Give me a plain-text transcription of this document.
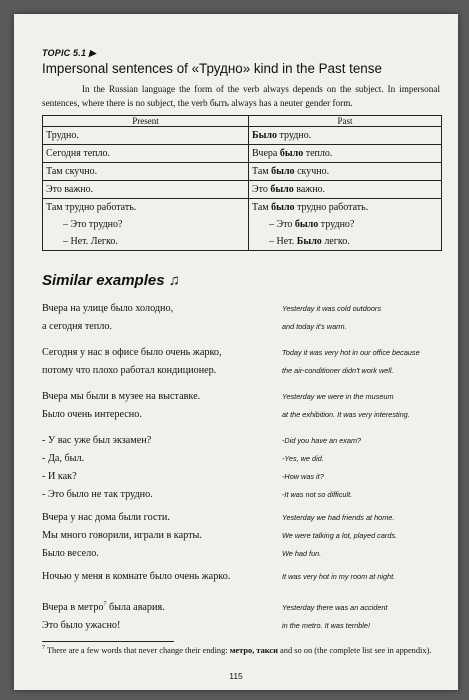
TOPIC 5.1 ▶
Impersonal sentences of «Трудно» kind in the Past tense
In the Russian language the form of the verb always depends on the subject. In impersonal sentences, where there is no subject, the verb быть always has a neuter gender form.
Present	Past
Трудно.	Было трудно.
Сегодня тепло.	Вчера было тепло.
Там скучно.	Там было скучно.
Это важно.	Это было важно.
Там трудно работать.	Там было трудно работать.
– Это трудно?	– Это было трудно?
– Нет. Легко.	– Нет. Было легко.
Similar examples ♫
Вчера на улице было холодно,
а сегодня тепло.
Yesterday it was cold outdoors
and today it's warm.
Сегодня у нас в офисе было очень жарко,
потому что плохо работал кондиционер.
Today it was very hot in our office because
the air-conditioner didn't work well.
Вчера мы были в музее на выставке.
Было очень интересно.
Yesterday we were in the museum
at the exhibition. It was very interesting.
- У вас уже был экзамен?
- Да, был.
- И как?
- Это было не так трудно.
-Did you have an exam?
-Yes, we did.
-How was it?
-It was not so difficult.
Вчера у нас дома были гости.
Мы много говорили, играли в карты.
Было весело.
Yesterday we had friends at home.
We were talking a lot, played cards.
We had fun.
Ночью у меня в комнате было очень жарко.	It was very hot in my room at night.
Вчера в метро$^7$ была авария.
Это было ужасно!
Yesterday there was an accident
in the metro. It was terrible!
$^7$ There are a few words that never change their ending: метро, такси and so on (the complete list see in appendix).
115
